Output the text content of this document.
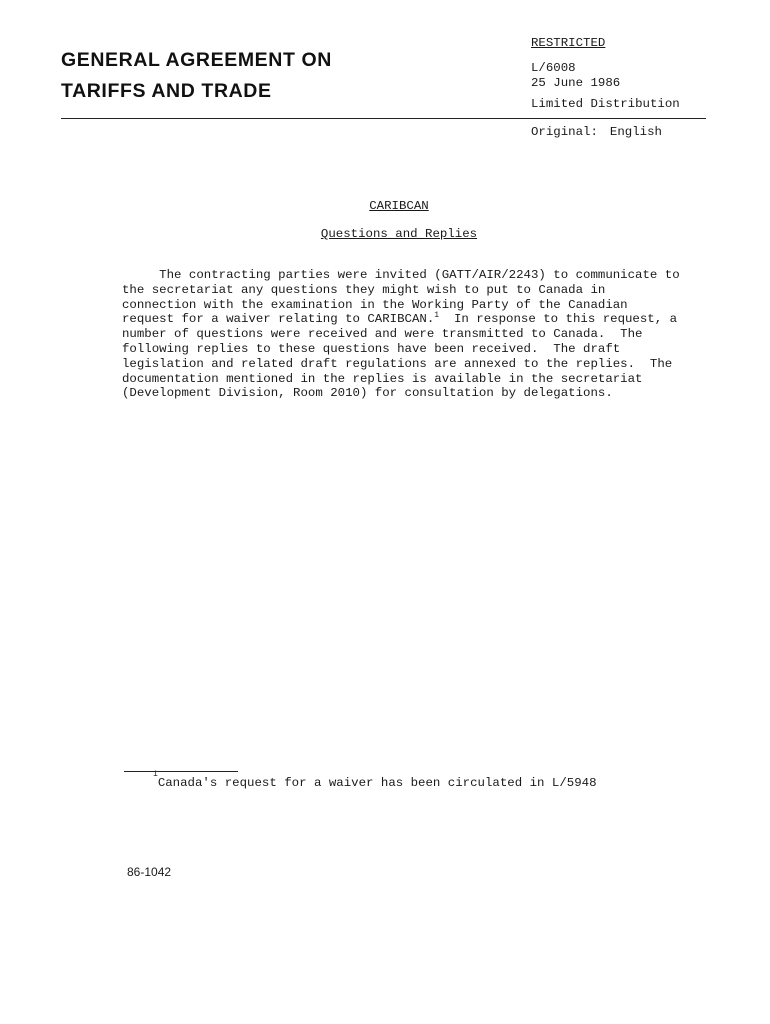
GENERAL AGREEMENT ON
TARIFFS AND TRADE
RESTRICTED
L/6008
25 June 1986
Limited Distribution
Original: English
CARIBCAN
Questions and Replies
The contracting parties were invited (GATT/AIR/2243) to communicate to
the secretariat any questions they might wish to put to Canada in
connection with the examination in the Working Party of the Canadian
request for a waiver relating to CARIBCAN.$^1$  In response to this request, a
number of questions were received and were transmitted to Canada.  The
following replies to these questions have been received.  The draft
legislation and related draft regulations are annexed to the replies.  The
documentation mentioned in the replies is available in the secretariat
(Development Division, Room 2010) for consultation by delegations.
$^1$Canada's request for a waiver has been circulated in L/5948
86-1042
